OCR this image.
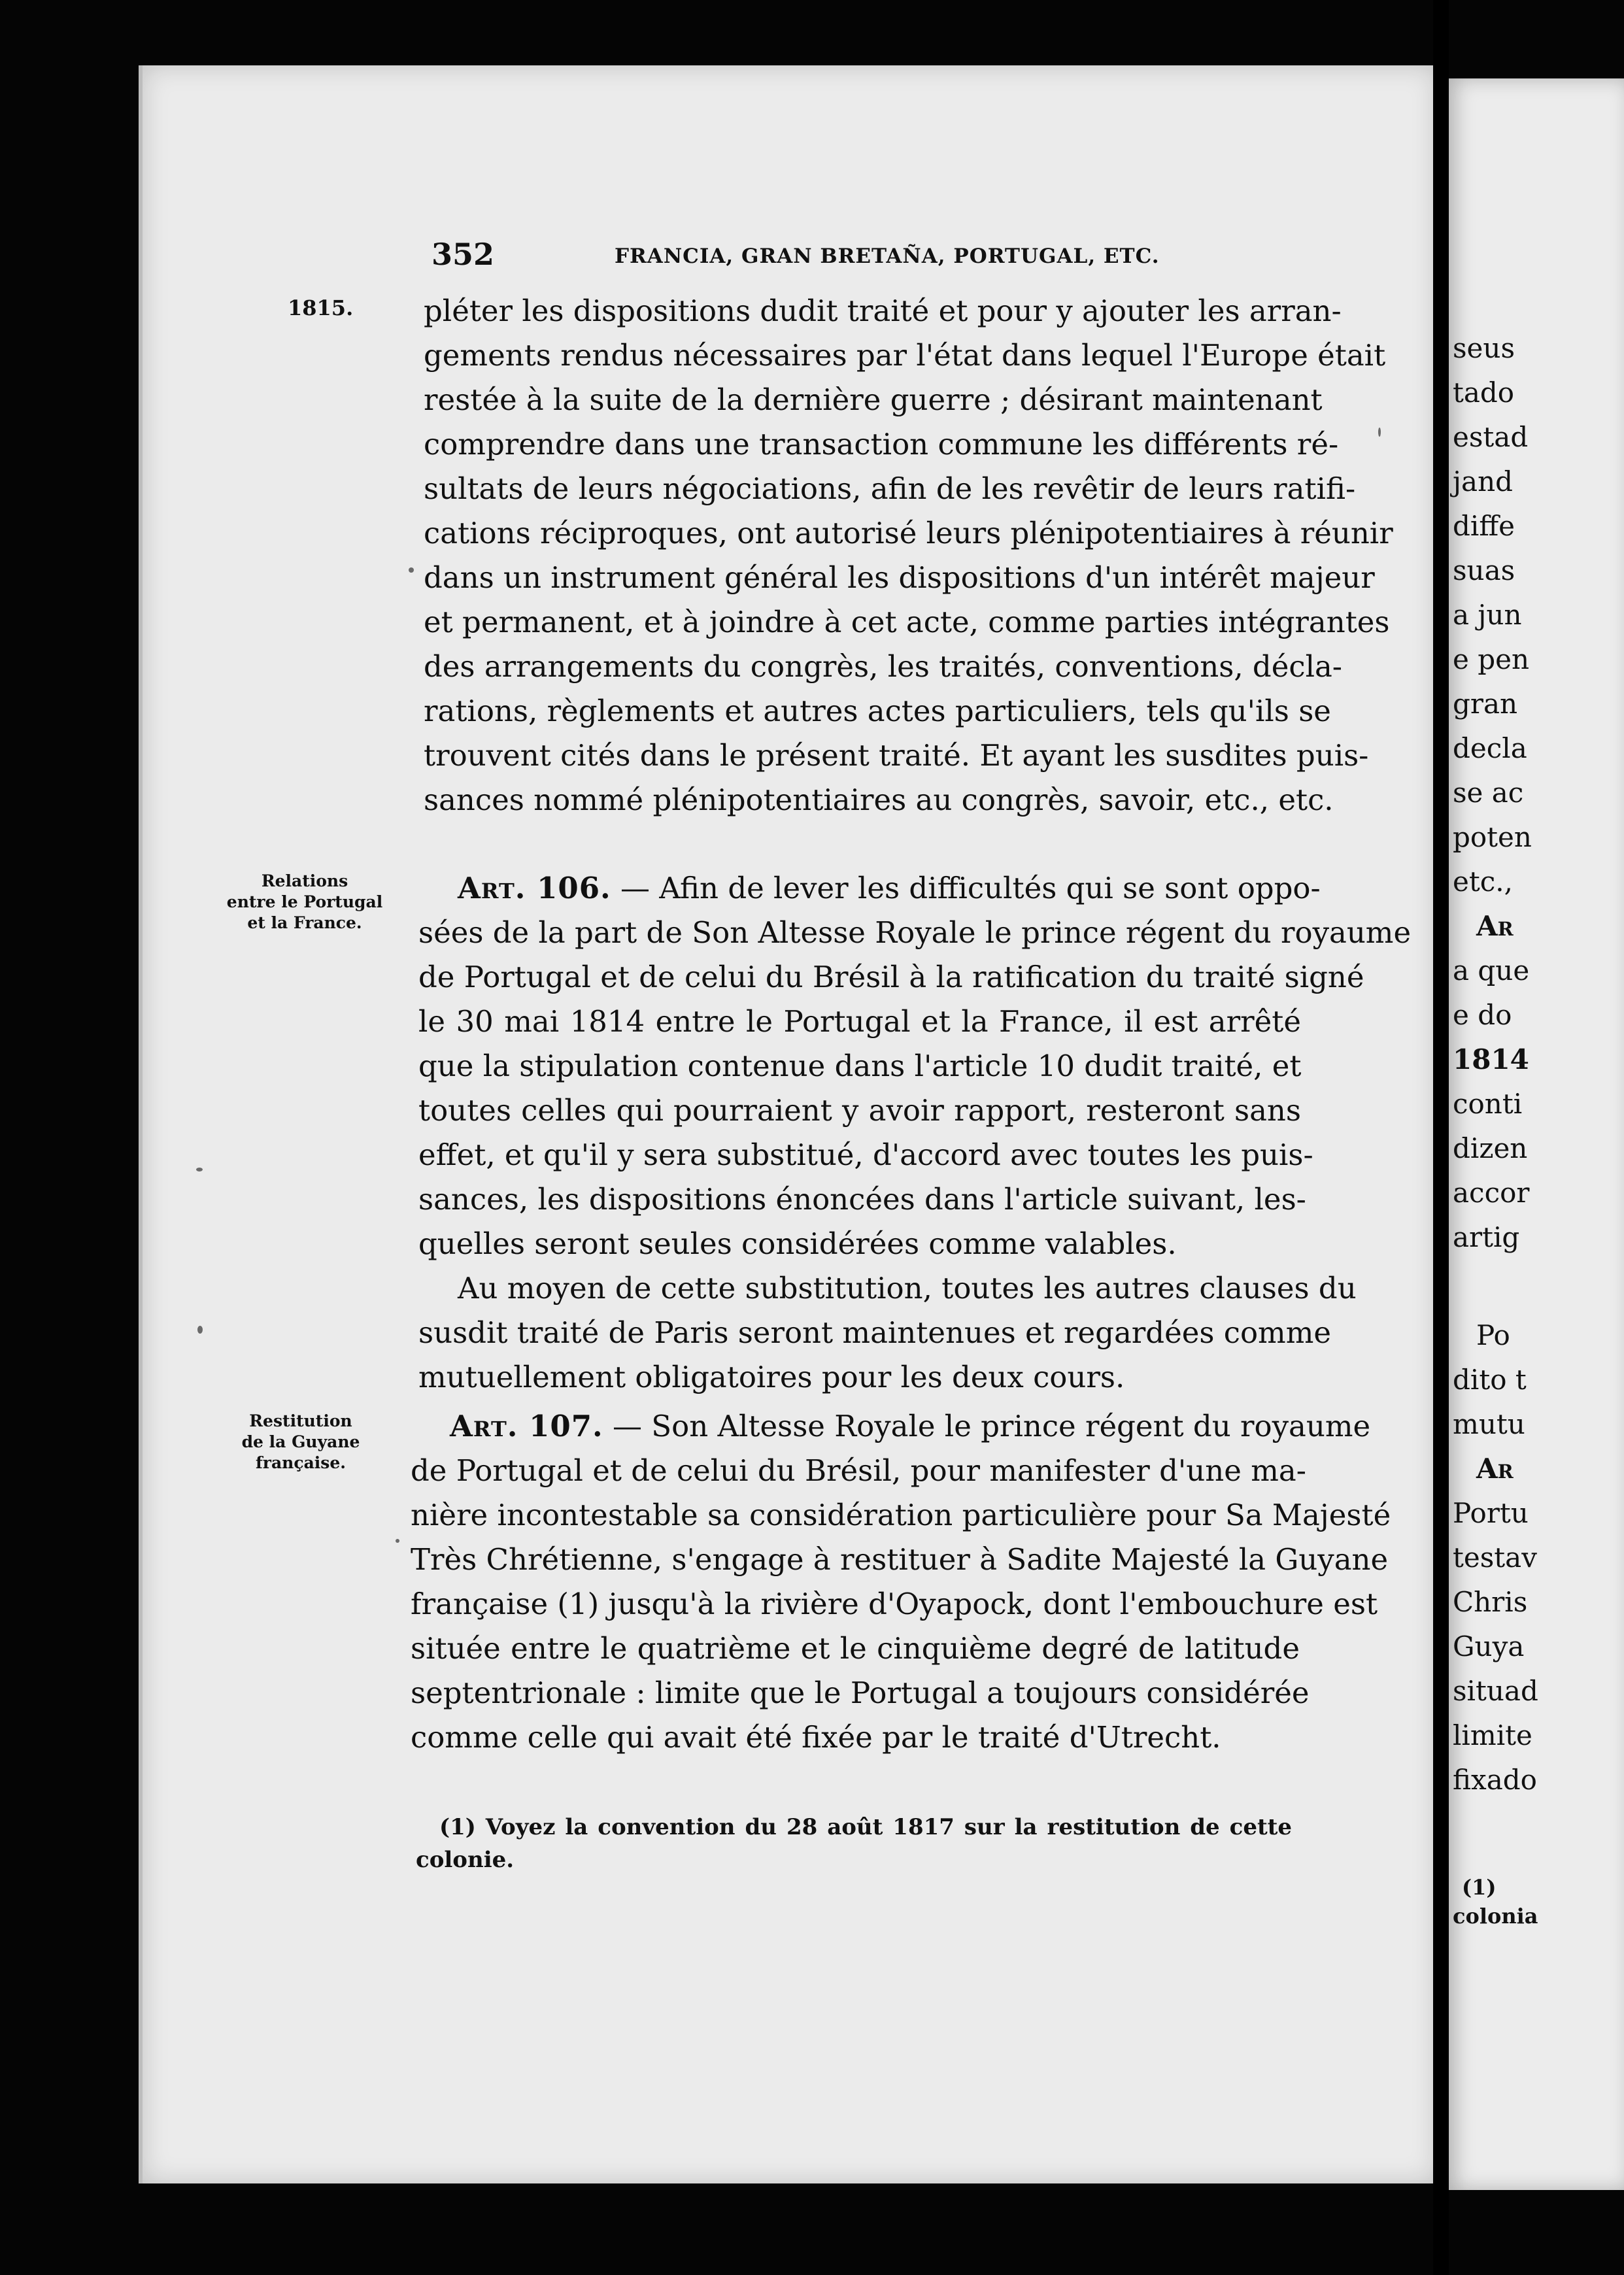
352	FRANCIA, GRAN BRETAÑA, PORTUGAL, ETC.
1815. pléter les dispositions dudit traité et pour y ajouter les arran-
gements rendus nécessaires par l'état dans lequel l'Europe était
restée à la suite de la dernière guerre ; désirant maintenant
comprendre dans une transaction commune les différents ré-
sultats de leurs négociations, afin de les revêtir de leurs ratifi-
cations réciproques, ont autorisé leurs plénipotentiaires à réunir
dans un instrument général les dispositions d'un intérêt majeur
et permanent, et à joindre à cet acte, comme parties intégrantes
des arrangements du congrès, les traités, conventions, décla-
rations, règlements et autres actes particuliers, tels qu'ils se
trouvent cités dans le présent traité. Et ayant les susdites puis-
sances nommé plénipotentiaires au congrès, savoir, etc., etc.
Relations
entre le Portugal
et la France.
Art. 106. — Afin de lever les difficultés qui se sont oppo-
sées de la part de Son Altesse Royale le prince régent du royaume
de Portugal et de celui du Brésil à la ratification du traité signé
le 30 mai 1814 entre le Portugal et la France, il est arrêté
que la stipulation contenue dans l'article 10 dudit traité, et
toutes celles qui pourraient y avoir rapport, resteront sans
effet, et qu'il y sera substitué, d'accord avec toutes les puis-
sances, les dispositions énoncées dans l'article suivant, les-
quelles seront seules considérées comme valables.
Au moyen de cette substitution, toutes les autres clauses du
susdit traité de Paris seront maintenues et regardées comme
mutuellement obligatoires pour les deux cours.
Restitution
de la Guyane
française.
Art. 107. — Son Altesse Royale le prince régent du royaume
de Portugal et de celui du Brésil, pour manifester d'une ma-
nière incontestable sa considération particulière pour Sa Majesté
Très Chrétienne, s'engage à restituer à Sadite Majesté la Guyane
française (1) jusqu'à la rivière d'Oyapock, dont l'embouchure est
située entre le quatrième et le cinquième degré de latitude
septentrionale : limite que le Portugal a toujours considérée
comme celle qui avait été fixée par le traité d'Utrecht.
(1) Voyez la convention du 28 août 1817 sur la restitution de cette
colonie.
seus
tado
estad
jand
diffe
suas
a jun
e pen
gran
decla
se ac
poten
etc.,
Ar
a que
e do
1814
conti
dizen
accor
artig
Po
dito t
mutu
Ar
Portu
testav
Chris
Guya
situad
limite
fixado
(1)
colonia
